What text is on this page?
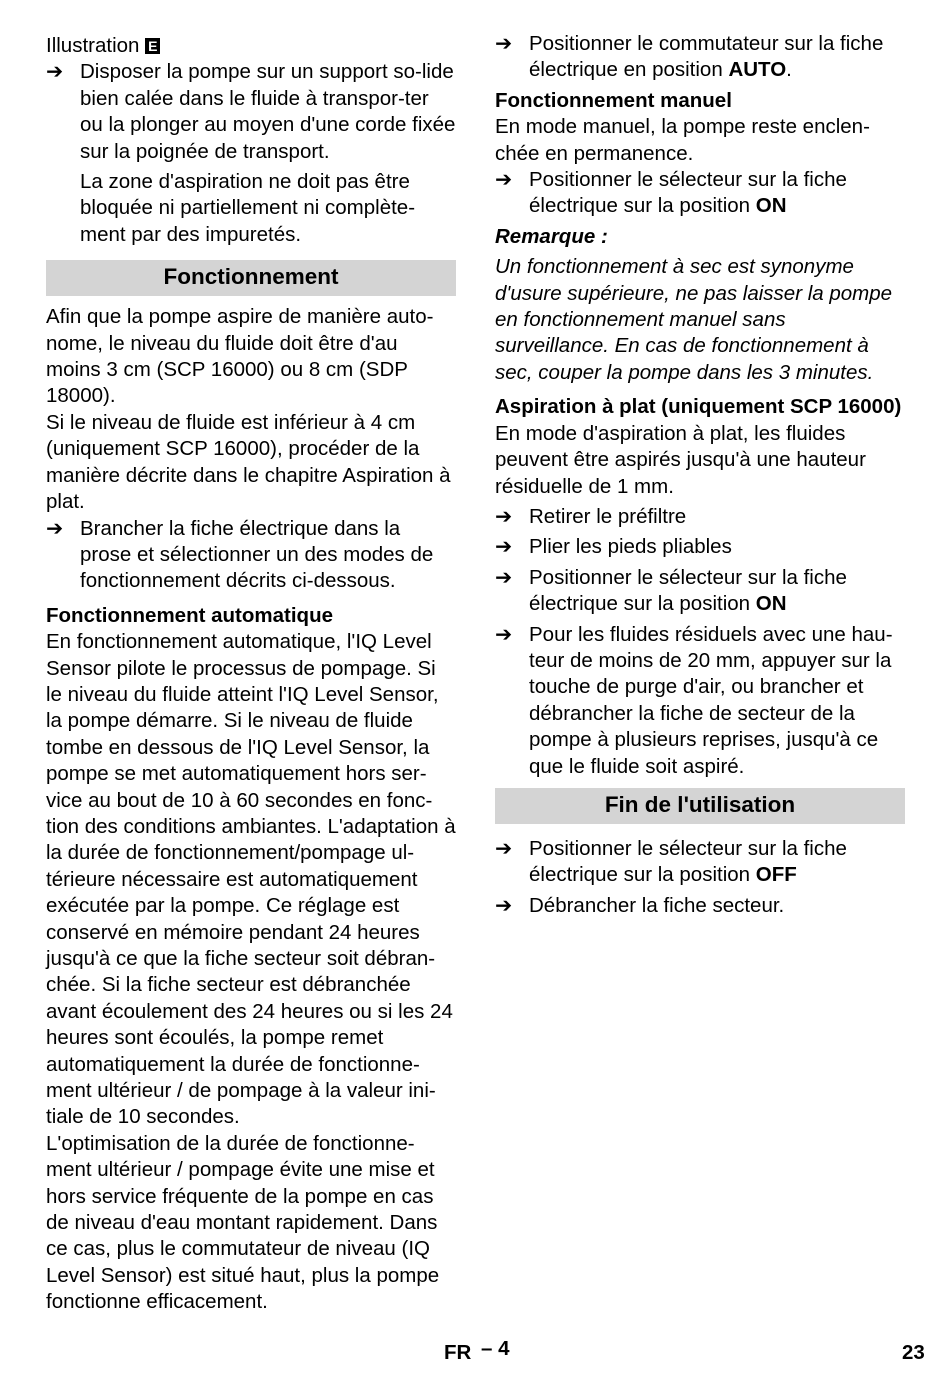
Illustration E

➔ Disposer la pompe sur un support so-lide bien calée dans le fluide à transpor-ter ou la plonger au moyen d'une corde fixée sur la poignée de transport.

La zone d'aspiration ne doit pas être bloquée ni partiellement ni complète-ment par des impuretés.

Fonctionnement

Afin que la pompe aspire de manière auto-nome, le niveau du fluide doit être d'au moins 3 cm (SCP 16000) ou 8 cm (SDP 18000).

Si le niveau de fluide est inférieur à 4 cm (uniquement SCP 16000), procéder de la manière décrite dans le chapitre Aspiration à plat.

➔ Brancher la fiche électrique dans la prose et sélectionner un des modes de fonctionnement décrits ci-dessous.

Fonctionnement automatique

En fonctionnement automatique, l'IQ Level Sensor pilote le processus de pompage. Si le niveau du fluide atteint l'IQ Level Sensor, la pompe démarre. Si le niveau de fluide tombe en dessous de l'IQ Level Sensor, la pompe se met automatiquement hors ser-vice au bout de 10 à 60 secondes en fonc-tion des conditions ambiantes. L'adaptation à la durée de fonctionnement/pompage ul-térieure nécessaire est automatiquement exécutée par la pompe. Ce réglage est conservé en mémoire pendant 24 heures jusqu'à ce que la fiche secteur soit débran-chée. Si la fiche secteur est débranchée avant écoulement des 24 heures ou si les 24 heures sont écoulés, la pompe remet automatiquement la durée de fonctionne-ment ultérieur / de pompage à la valeur ini-tiale de 10 secondes.

L'optimisation de la durée de fonctionne-ment ultérieur / pompage évite une mise et hors service fréquente de la pompe en cas de niveau d'eau montant rapidement. Dans ce cas, plus le commutateur de niveau (IQ Level Sensor) est situé haut, plus la pompe fonctionne efficacement.

➔ Positionner le commutateur sur la fiche électrique en position AUTO.

Fonctionnement manuel

En mode manuel, la pompe reste enclen-chée en permanence.

➔ Positionner le sélecteur sur la fiche électrique sur la position ON

Remarque :

Un fonctionnement à sec est synonyme d'usure supérieure, ne pas laisser la pompe en fonctionnement manuel sans surveillance. En cas de fonctionnement à sec, couper la pompe dans les 3 minutes.

Aspiration à plat (uniquement SCP 16000)

En mode d'aspiration à plat, les fluides peuvent être aspirés jusqu'à une hauteur résiduelle de 1 mm.

➔ Retirer le préfiltre

➔ Plier les pieds pliables

➔ Positionner le sélecteur sur la fiche électrique sur la position ON

➔ Pour les fluides résiduels avec une hau-teur de moins de 20 mm, appuyer sur la touche de purge d'air, ou brancher et débrancher la fiche de secteur de la pompe à plusieurs reprises, jusqu'à ce que le fluide soit aspiré.

Fin de l'utilisation
➔ Positionner le sélecteur sur la fiche électrique sur la position OFF

➔ Débrancher la fiche secteur.

FR – 4	23
